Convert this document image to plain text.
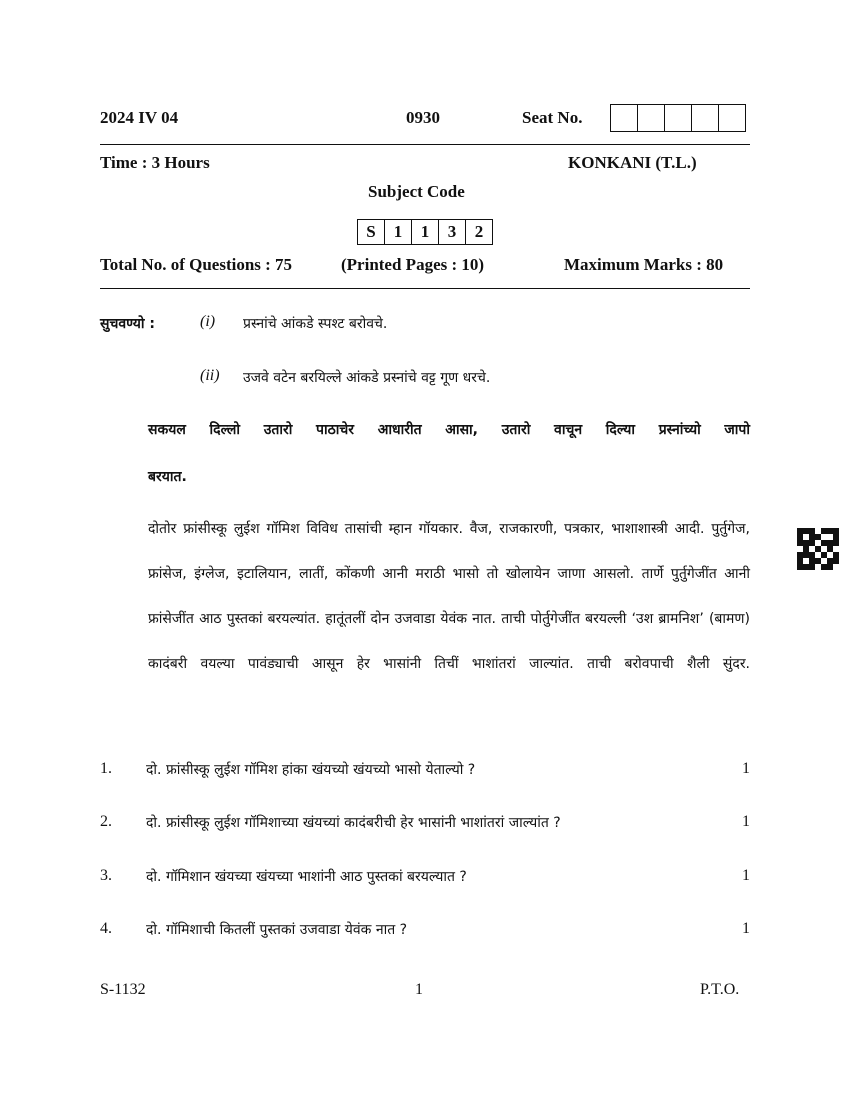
2024 IV 04	0930	Seat No.
Time : 3 Hours	KONKANI (T.L.)
Subject Code
S	1	1	3	2
Total No. of Questions : 75	(Printed Pages : 10)	Maximum Marks : 80
सुचवण्यो :	(i) प्रस्नांचे आंकडे स्पश्ट बरोवचे.
(ii) उजवे वटेन बरयिल्ले आंकडे प्रस्नांचे वट्ट गूण धरचे.
सकयल दिल्लो उतारो पाठाचेर आधारीत आसा, उतारो वाचून दिल्या प्रस्नांच्यो जापो
बरयात.
दोतोर फ्रांसीस्कू लुईश गॉमिश विविध तासांची म्हान गॉयकार. वैज, राजकारणी, पत्रकार, भाशाशास्त्री आदी. पुर्तुगेज, फ्रांसेज, इंग्लेज, इटालियान, लातीं, कोंकणी आनी मराठी भासो तो खोलायेन जाणा आसलो. तार्णे पुर्तुगेजींत आनी फ्रांसेजींत आठ पुस्तकां बरयल्यांत. हातूंतलीं दोन उजवाडा येवंक नात. ताची पोर्तुगेजींत बरयल्ली ‘उश ब्रामनिश’ (बामण) कादंबरी वयल्या पावंड्याची आसून हेर भासांनी तिचीं भाशांतरां जाल्यांत. ताची बरोवपाची शैली सुंदर.
1. दो. फ्रांसीस्कू लुईश गॉमिश हांका खंयच्यो खंयच्यो भासो येताल्यो ?	1
2. दो. फ्रांसीस्कू लुईश गॉमिशाच्या खंयच्यां कादंबरीची हेर भासांनी भाशांतरां जाल्यांत ?	1
3. दो. गॉमिशान खंयच्या खंयच्या भाशांनी आठ पुस्तकां बरयल्यात ?	1
4. दो. गॉमिशाची कितलीं पुस्तकां उजवाडा येवंक नात ?	1
S-1132	1	P.T.O.
